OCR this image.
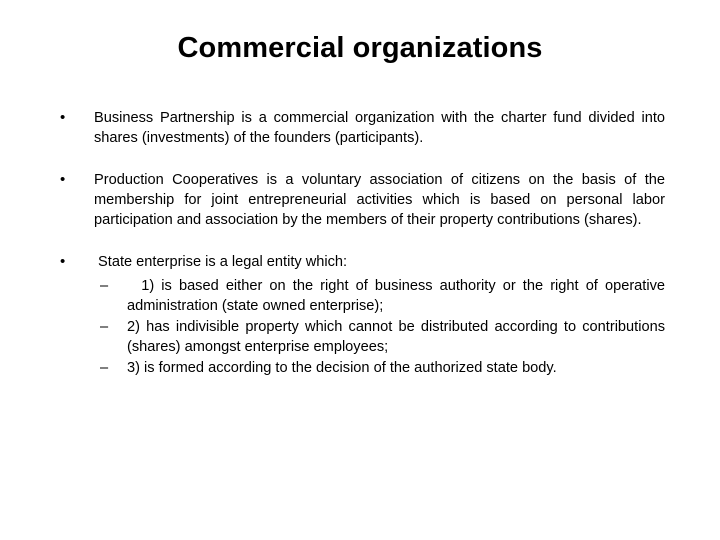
Commercial organizations
•	Business Partnership is a commercial organization with the charter fund divided into shares (investments) of the founders (participants).
•	Production Cooperatives is a voluntary association of citizens on the basis of the membership for joint entrepreneurial activities which is based on personal labor participation and association by the members of their property contributions (shares).
•	State enterprise is a legal entity which:
–	1) is based either on the right of business authority or the right of operative administration (state owned enterprise);
–	2) has indivisible property which cannot be distributed according to contributions (shares) amongst enterprise employees;
–	3) is formed according to the decision of the authorized state body.
